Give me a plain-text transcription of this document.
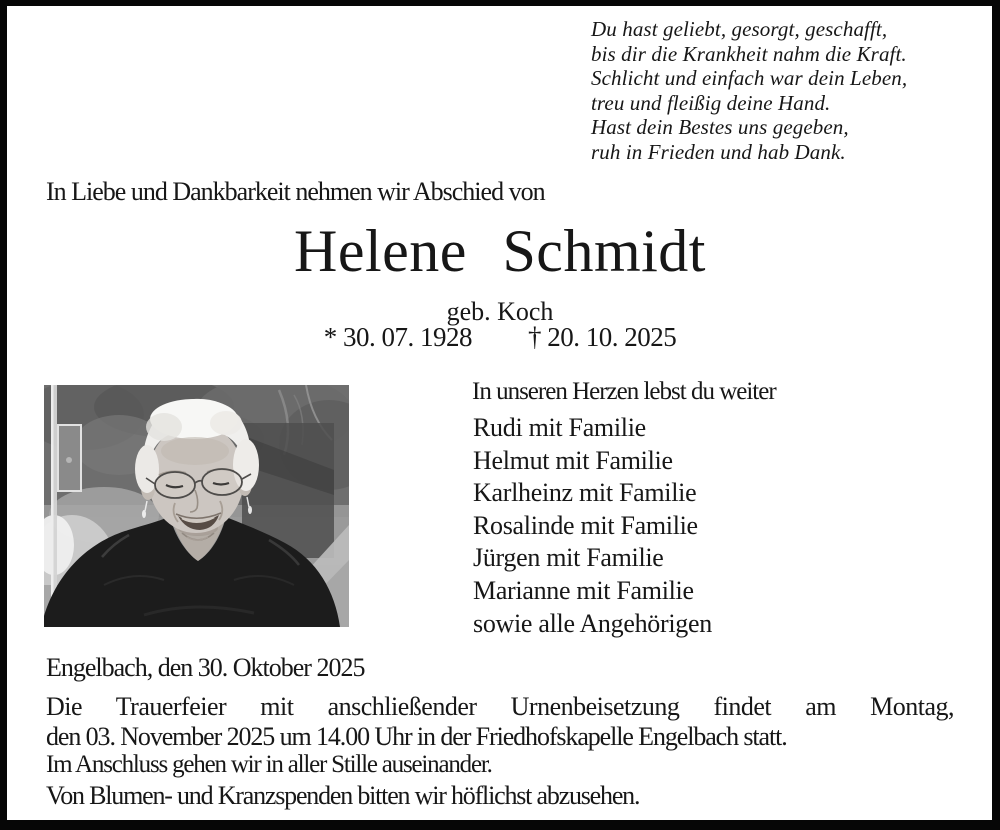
Du hast geliebt, gesorgt, geschafft,
bis dir die Krankheit nahm die Kraft.
Schlicht und einfach war dein Leben,
treu und fleißig deine Hand.
Hast dein Bestes uns gegeben,
ruh in Frieden und hab Dank.
In Liebe und Dankbarkeit nehmen wir Abschied von
Helene Schmidt
geb. Koch
* 30. 07. 1928 † 20. 10. 2025
In unseren Herzen lebst du weiter
Rudi mit Familie
Helmut mit Familie
Karlheinz mit Familie
Rosalinde mit Familie
Jürgen mit Familie
Marianne mit Familie
sowie alle Angehörigen
Engelbach, den 30. Oktober 2025
Die Trauerfeier mit anschließender Urnenbeisetzung findet am Montag,
den 03. November 2025 um 14.00 Uhr in der Friedhofskapelle Engelbach statt.
Im Anschluss gehen wir in aller Stille auseinander.
Von Blumen- und Kranzspenden bitten wir höflichst abzusehen.
